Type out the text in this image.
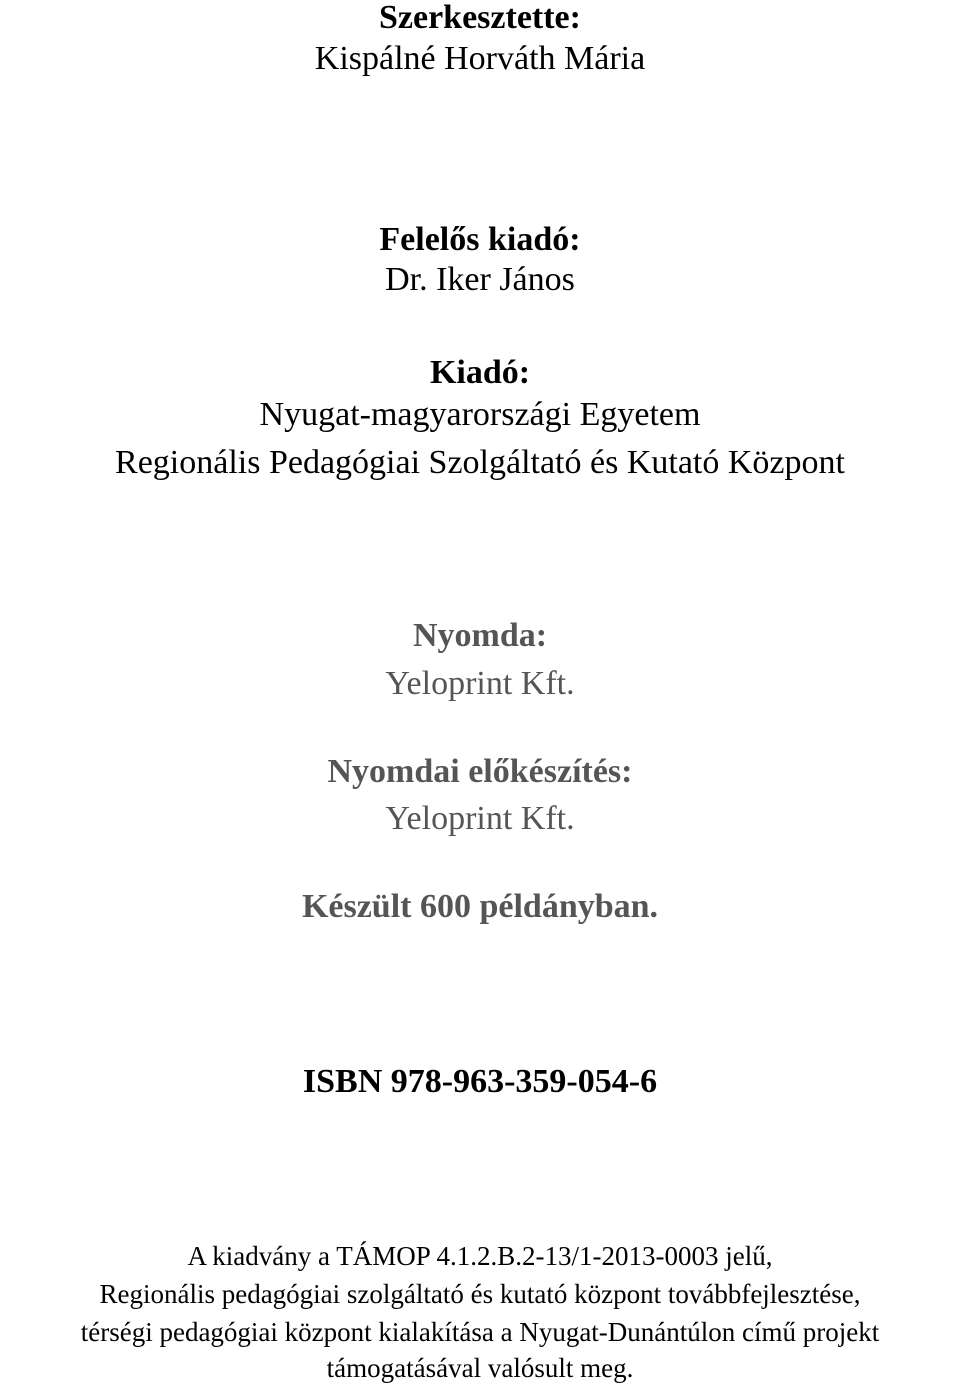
Szerkesztette:
Kispálné Horváth Mária
Felelős kiadó:
Dr. Iker János
Kiadó:
Nyugat-magyarországi Egyetem
Regionális Pedagógiai Szolgáltató és Kutató Központ
Nyomda:
Yeloprint Kft.
Nyomdai előkészítés:
Yeloprint Kft.
Készült 600 példányban.
ISBN 978-963-359-054-6
A kiadvány a TÁMOP 4.1.2.B.2-13/1-2013-0003 jelű,
Regionális pedagógiai szolgáltató és kutató központ továbbfejlesztése,
térségi pedagógiai központ kialakítása a Nyugat-Dunántúlon című projekt
támogatásával valósult meg.
